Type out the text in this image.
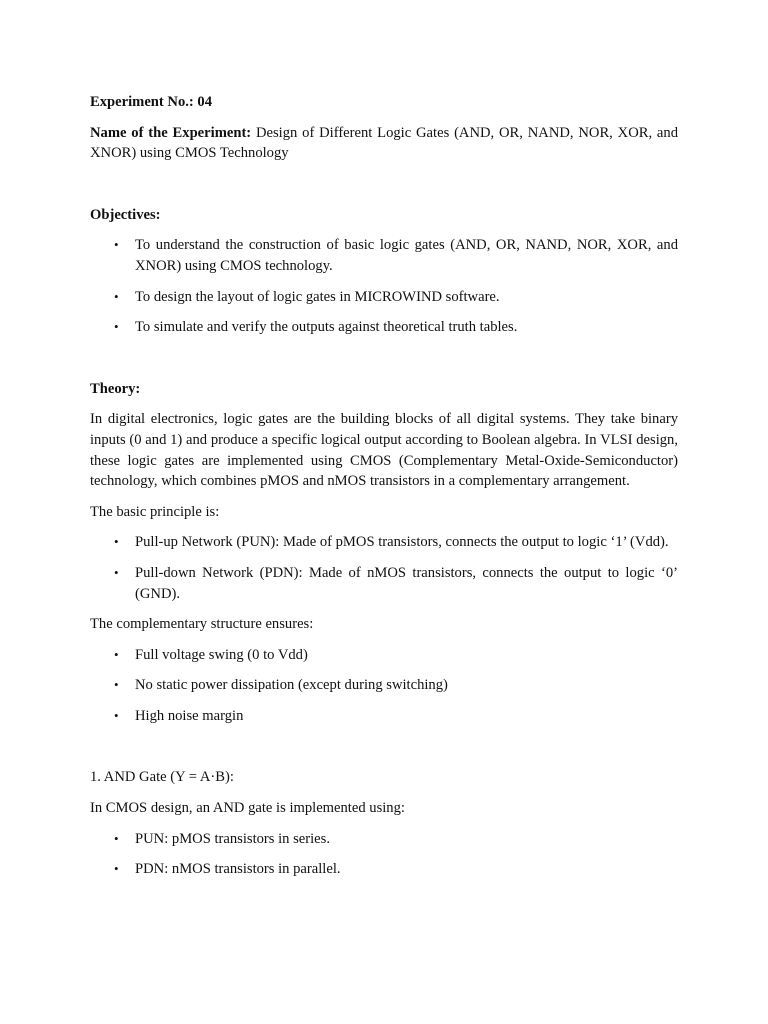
Experiment No.: 04

Name of the Experiment: Design of Different Logic Gates (AND, OR, NAND, NOR, XOR, and XNOR) using CMOS Technology

Objectives:

• To understand the construction of basic logic gates (AND, OR, NAND, NOR, XOR, and XNOR) using CMOS technology.
• To design the layout of logic gates in MICROWIND software.
• To simulate and verify the outputs against theoretical truth tables.

Theory:

In digital electronics, logic gates are the building blocks of all digital systems. They take binary inputs (0 and 1) and produce a specific logical output according to Boolean algebra. In VLSI design, these logic gates are implemented using CMOS (Complementary Metal-Oxide-Semiconductor) technology, which combines pMOS and nMOS transistors in a complementary arrangement.

The basic principle is:

• Pull-up Network (PUN): Made of pMOS transistors, connects the output to logic ‘1’ (Vdd).
• Pull-down Network (PDN): Made of nMOS transistors, connects the output to logic ‘0’ (GND).

The complementary structure ensures:

• Full voltage swing (0 to Vdd)
• No static power dissipation (except during switching)
• High noise margin

1. AND Gate (Y = A·B):

In CMOS design, an AND gate is implemented using:

• PUN: pMOS transistors in series.
• PDN: nMOS transistors in parallel.
